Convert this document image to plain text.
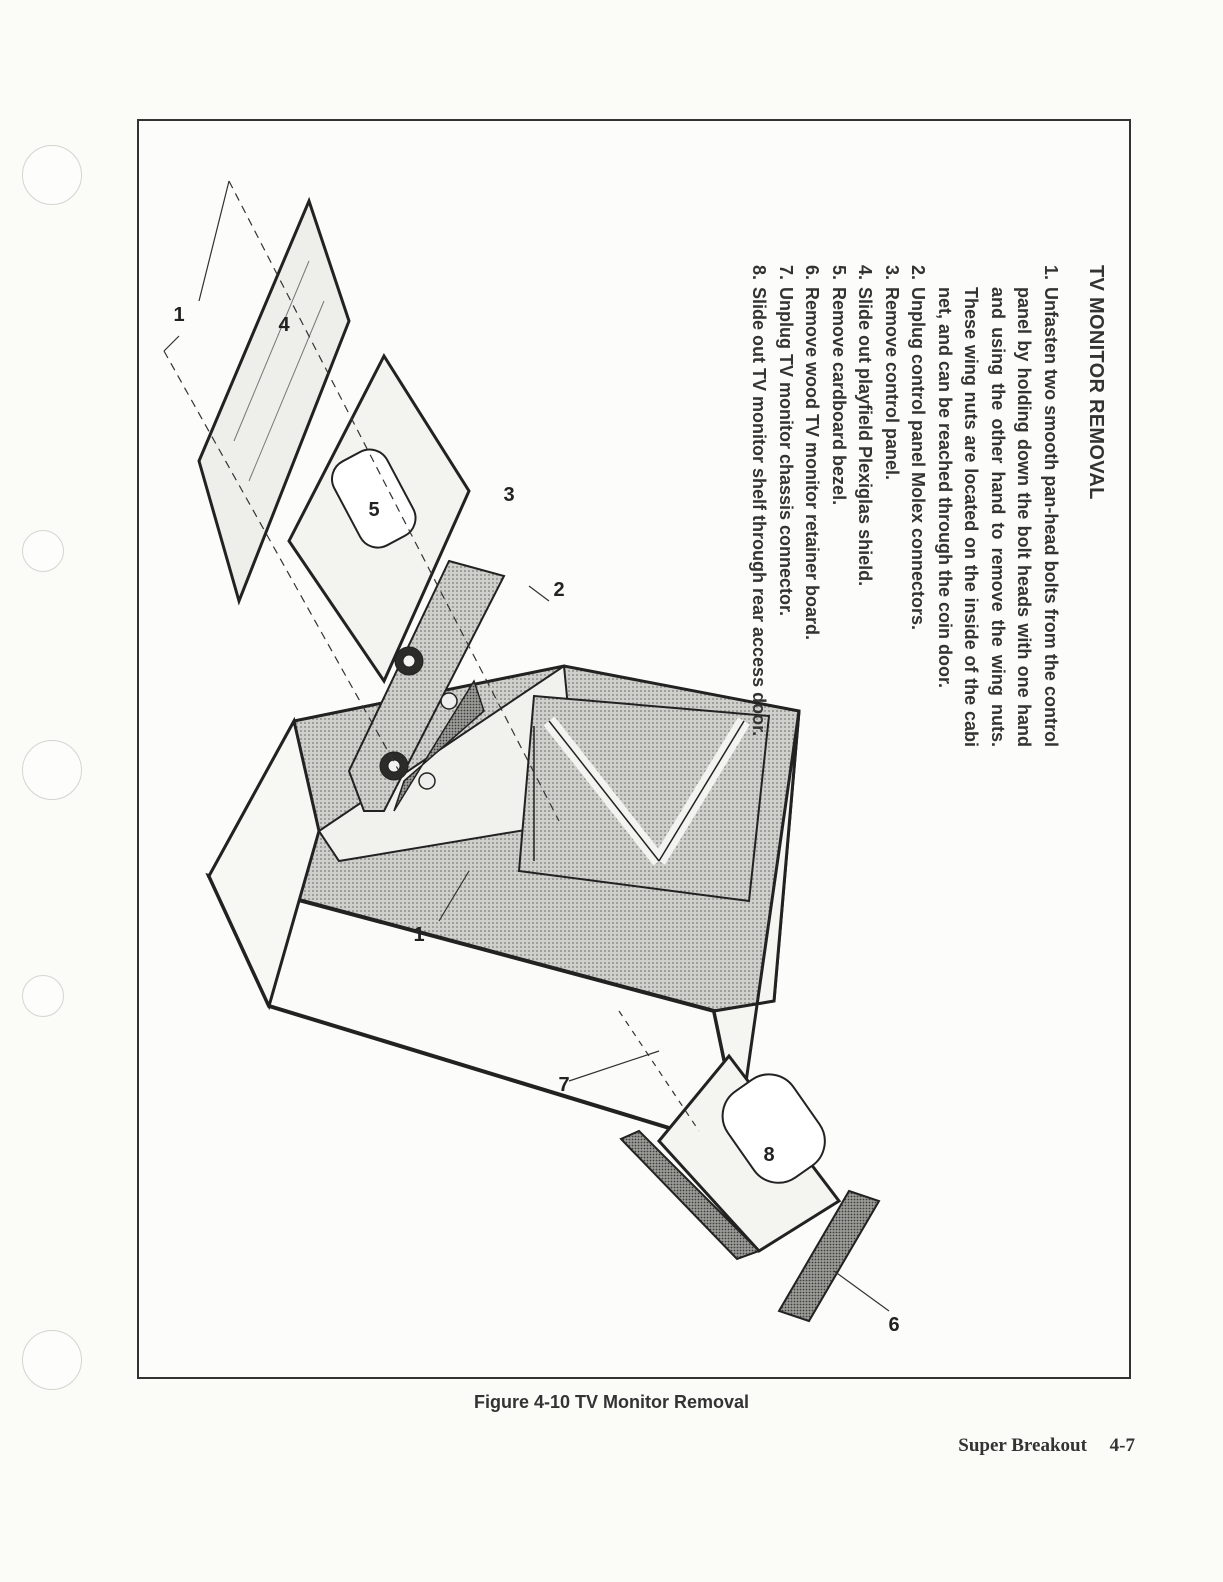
1
1
2
3
4
5
6
7
8
TV MONITOR REMOVAL
1.
Unfasten two smooth pan-head bolts from the control panel by holding down the bolt heads with one hand and using the other hand to remove the wing nuts. These wing nuts are located on the inside of the cabi net, and can be reached through the coin door.
2.
Unplug control panel Molex connectors.
3.
Remove control panel.
4.
Slide out playfield Plexiglas shield.
5.
Remove cardboard bezel.
6.
Remove wood TV monitor retainer board.
7.
Unplug TV monitor chassis connector.
8.
Slide out TV monitor shelf through rear access door.
Figure 4-10 TV Monitor Removal
Super Breakout 4-7
